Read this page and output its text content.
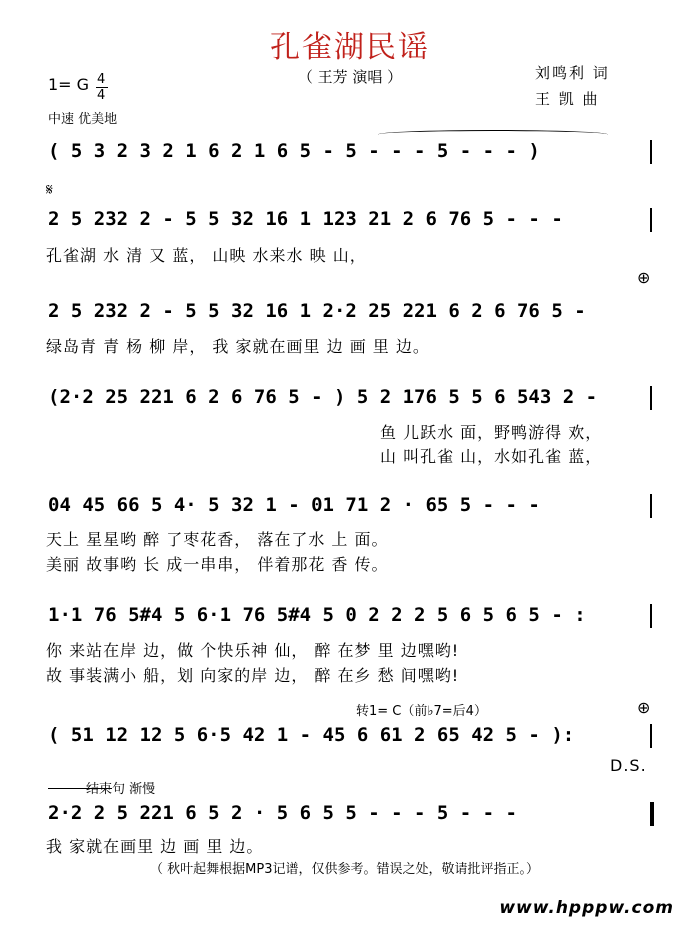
孔雀湖民谣
（ 王芳 演唱 ）	刘鸣利 词
王 凯 曲
1= G 4
4
中速 优美地
( 5 3 2 3 2 1 6 2 1 6 5 - 5 - - - 5 - - - )
𝄋
2 5 232 2 - 5 5 32 16 1 123 21 2 6 76 5 - - -
孔雀湖 水 清 又 蓝， 山映 水来水 映 山，
2 5 232 2 - 5 5 32 16 1 2·2 25 221 6 2 6 76 5 -
⊕
绿岛青 青 杨 柳 岸， 我 家就在画里 边 画 里 边。
(2·2 25 221 6 2 6 76 5 - ) 5 2 176 5 5 6 543 2 -
鱼 儿跃水 面，野鸭游得 欢，
山 叫孔雀 山，水如孔雀 蓝，
04 45 66 5 4· 5 32 1 - 01 71 2 · 65 5 - - -
天上 星星哟 醉 了枣花香， 落在了水 上 面。
美丽 故事哟 长 成一串串， 伴着那花 香 传。
1·1 76 5#4 5 6·1 76 5#4 5 0 2 2 2 5 6 5 6 5 - :
你 来站在岸 边，做 个快乐神 仙， 醉 在梦 里 边嘿哟!
故 事装满小 船，划 向家的岸 边， 醉 在乡 愁 间嘿哟!
转1= C（前♭7=后4）	⊕
( 51 12 12 5 6·5 42 1 - 45 6 61 2 65 42 5 - ):
D.S.
结束句 渐慢
2·2 2 5 221 6 5 2 · 5 6 5 5 - - - 5 - - -
我 家就在画里 边 画 里 边。
（ 秋叶起舞根据MP3记谱，仅供参考。错误之处，敬请批评指正。）
www.hpppw.com
